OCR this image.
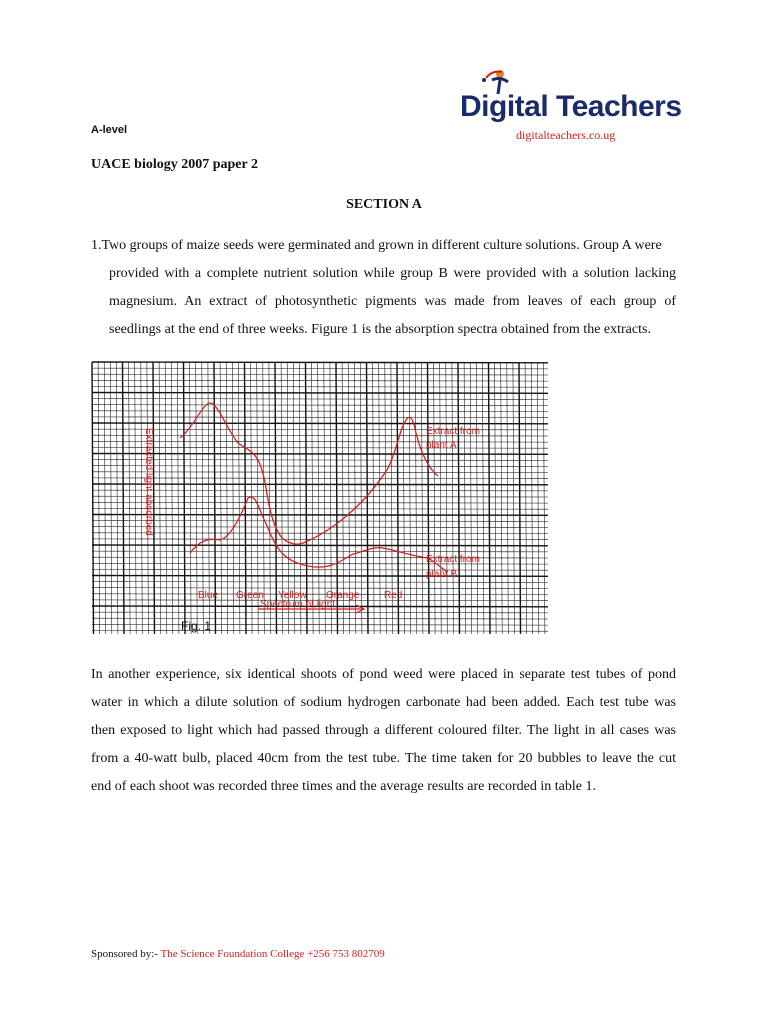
A-level
Digital Teachers
digitalteachers.co.ug
UACE biology 2007 paper 2
SECTION A
1.Two groups of maize seeds were germinated and grown in different culture solutions. Group A were
provided with a complete nutrient solution while group B were provided with a solution lacking
magnesium. An extract of photosynthetic pigments was made from leaves of each group of
seedlings at the end of three weeks. Figure 1 is the absorption spectra obtained from the extracts.
Extracted light absorbed	Extract from
plant A
Extract from
plant B
Blue Green Yellow Orange Red
Spectrum of light
Fig. 1
In another experience, six identical shoots of pond weed were placed in separate test tubes of pond
water in which a dilute solution of sodium hydrogen carbonate had been added. Each test tube was
then exposed to light which had passed through a different coloured filter. The light in all cases was
from a 40-watt bulb, placed 40cm from the test tube. The time taken for 20 bubbles to leave the cut
end of each shoot was recorded three times and the average results are recorded in table 1.
Sponsored by:- The Science Foundation College +256 753 802709
